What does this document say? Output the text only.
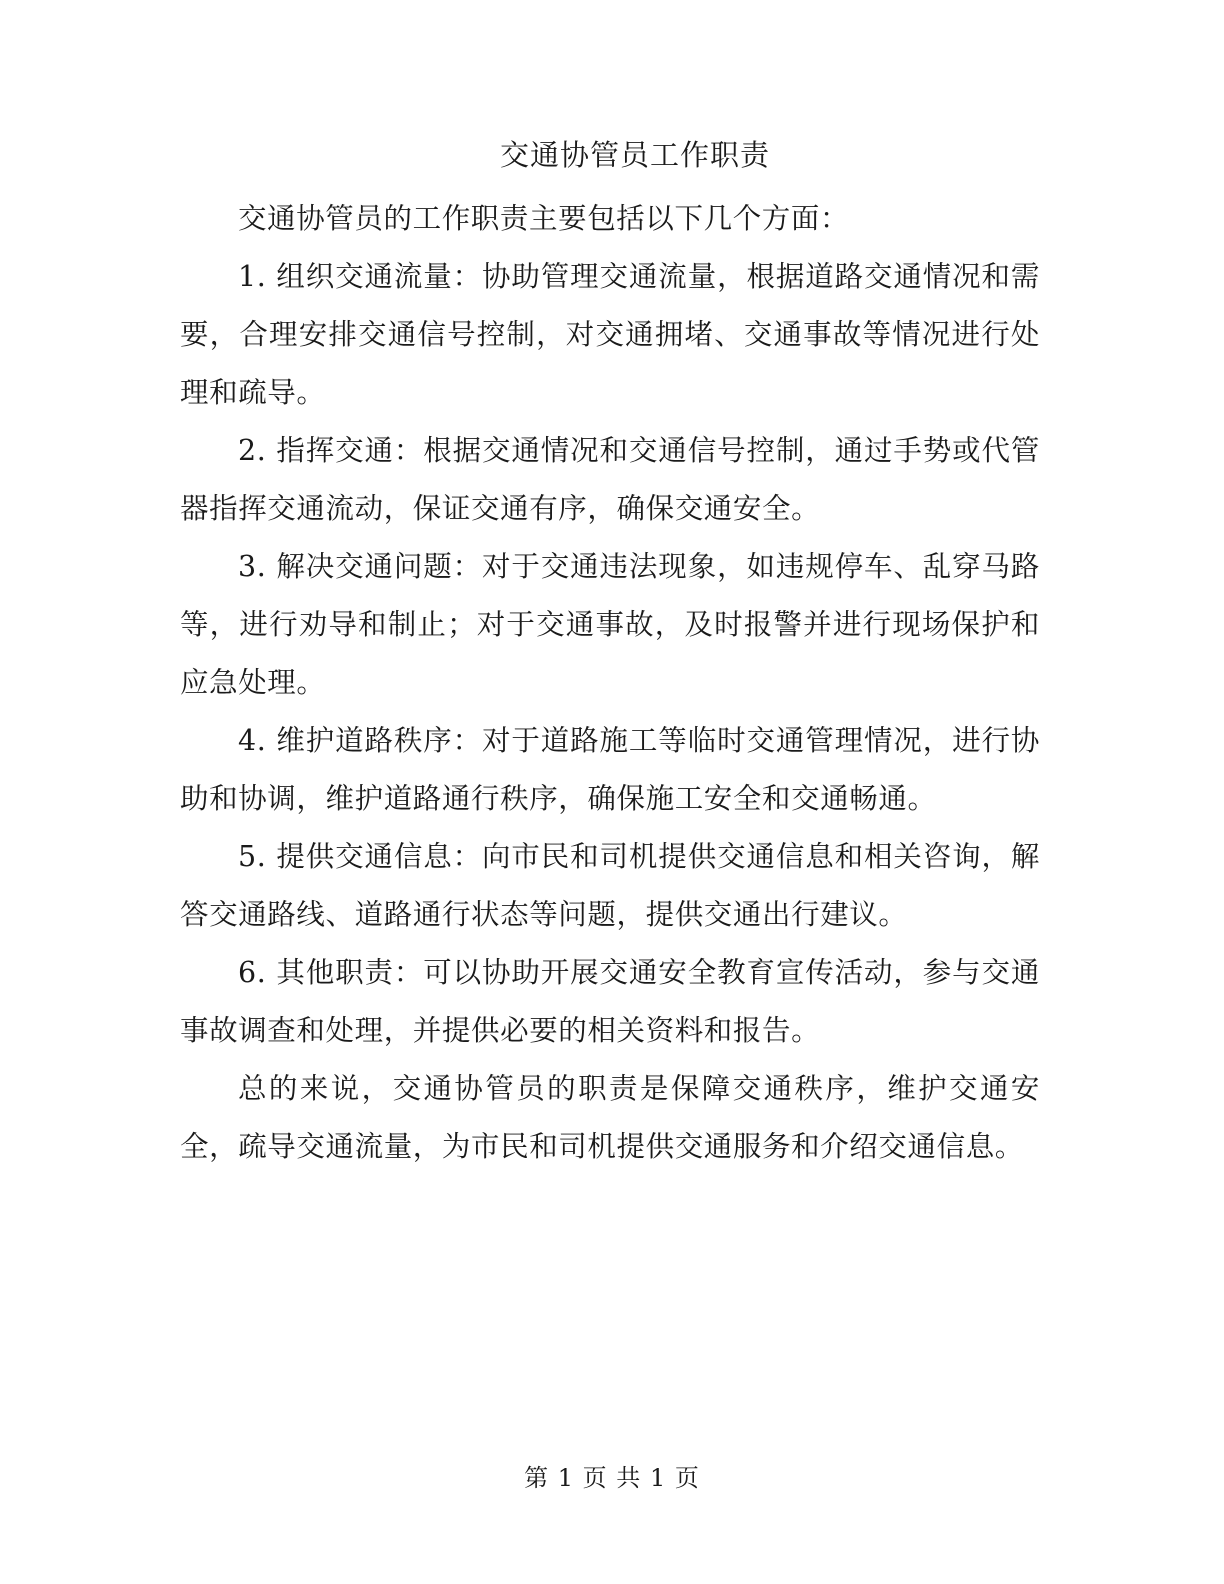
交通协管员工作职责

交通协管员的工作职责主要包括以下几个方面：

1. 组织交通流量：协助管理交通流量，根据道路交通情况和需要，合理安排交通信号控制，对交通拥堵、交通事故等情况进行处理和疏导。

2. 指挥交通：根据交通情况和交通信号控制，通过手势或代管器指挥交通流动，保证交通有序，确保交通安全。

3. 解决交通问题：对于交通违法现象，如违规停车、乱穿马路等，进行劝导和制止；对于交通事故，及时报警并进行现场保护和应急处理。

4. 维护道路秩序：对于道路施工等临时交通管理情况，进行协助和协调，维护道路通行秩序，确保施工安全和交通畅通。

5. 提供交通信息：向市民和司机提供交通信息和相关咨询，解答交通路线、道路通行状态等问题，提供交通出行建议。

6. 其他职责：可以协助开展交通安全教育宣传活动，参与交通事故调查和处理，并提供必要的相关资料和报告。

总的来说，交通协管员的职责是保障交通秩序，维护交通安全，疏导交通流量，为市民和司机提供交通服务和介绍交通信息。

第 1 页 共 1 页
